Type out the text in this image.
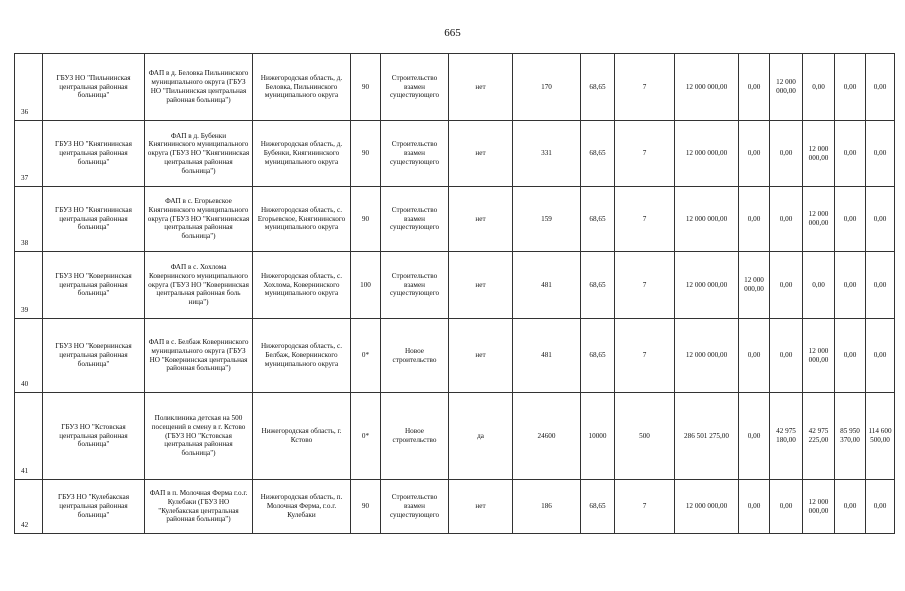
665
36	ГБУЗ НО "Пильнинская центральная районная больница"	ФАП в д. Беловка Пильнинского муниципального округа (ГБУЗ НО "Пильнинская центральная районная больница")	Нижегородская область, д. Беловка, Пильнинского муниципального округа	90	Строительство взамен существующего	нет	170	68,65	7	12 000 000,00	0,00	12 000 000,00	0,00	0,00	0,00
37	ГБУЗ НО "Княгининская центральная районная больница"	ФАП в д. Бубенки Княгининского муниципального округа (ГБУЗ НО "Княгининская центральная районная больница")	Нижегородская область, д. Бубенки, Княгининского муниципального округа	90	Строительство взамен существующего	нет	331	68,65	7	12 000 000,00	0,00	0,00	12 000 000,00	0,00	0,00
38	ГБУЗ НО "Княгининская центральная районная больница"	ФАП в с. Егорьевское Княгининского муниципального округа (ГБУЗ НО "Княгининская центральная районная больница")	Нижегородская область, с. Егорьевское, Княгининского муниципального округа	90	Строительство взамен существующего	нет	159	68,65	7	12 000 000,00	0,00	0,00	12 000 000,00	0,00	0,00
39	ГБУЗ НО "Ковернинская центральная районная больница"	ФАП в с. Хохлома Ковернинского муниципального округа (ГБУЗ НО "Ковернинская центральная районная боль ница")	Нижегородская область, с. Хохлома, Ковернинского муниципального округа	100	Строительство взамен существующего	нет	481	68,65	7	12 000 000,00	12 000 000,00	0,00	0,00	0,00	0,00
40	ГБУЗ НО "Ковернинская центральная районная больница"	ФАП в с. Белбаж Ковернинского муниципального округа (ГБУЗ НО "Ковернинская центральная районная больница")	Нижегородская область, с. Белбаж, Ковернинского муниципального округа	0*	Новое строительство	нет	481	68,65	7	12 000 000,00	0,00	0,00	12 000 000,00	0,00	0,00
41	ГБУЗ НО "Кстовская центральная районная больница"	Поликлиника детская на 500 посещений в смену в г. Кстово (ГБУЗ НО "Кстовская центральная районная больница")	Нижегородская область, г. Кстово	0*	Новое строительство	да	24600	10000	500	286 501 275,00	0,00	42 975 180,00	42 975 225,00	85 950 370,00	114 600 500,00
42	ГБУЗ НО "Кулебакская центральная районная больница"	ФАП в п. Молочная Ферма г.о.г. Кулебаки (ГБУЗ НО "Кулебакская центральная районная больница")	Нижегородская область, п. Молочная Ферма, г.о.г. Кулебаки	90	Строительство взамен существующего	нет	186	68,65	7	12 000 000,00	0,00	0,00	12 000 000,00	0,00	0,00
